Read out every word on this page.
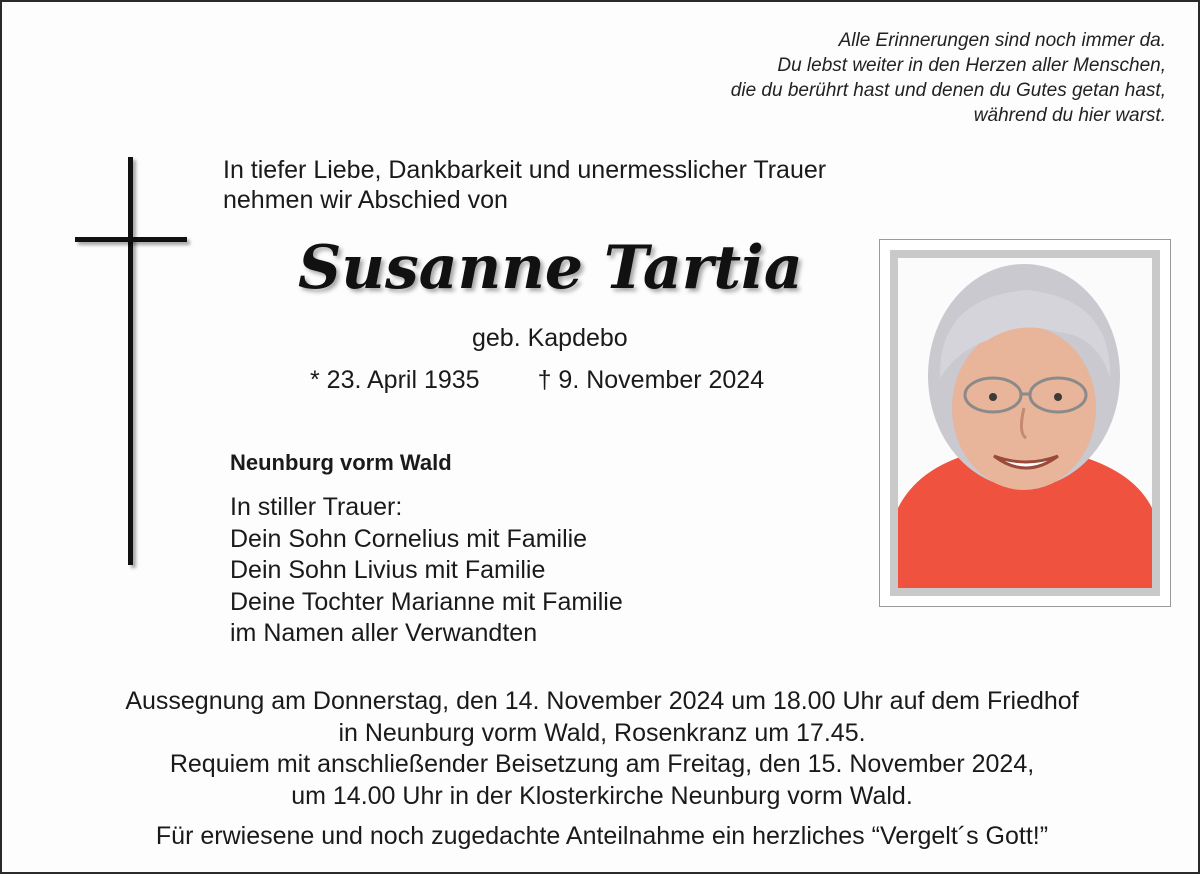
Alle Erinnerungen sind noch immer da.
Du lebst weiter in den Herzen aller Menschen,
die du berührt hast und denen du Gutes getan hast,
während du hier warst.
In tiefer Liebe, Dankbarkeit und unermesslicher Trauer
nehmen wir Abschied von
Susanne Tartia
geb. Kapdebo
* 23. April 1935 † 9. November 2024
Neunburg vorm Wald
In stiller Trauer:
Dein Sohn Cornelius mit Familie
Dein Sohn Livius mit Familie
Deine Tochter Marianne mit Familie
im Namen aller Verwandten
Aussegnung am Donnerstag, den 14. November 2024 um 18.00 Uhr auf dem Friedhof
in Neunburg vorm Wald, Rosenkranz um 17.45.
Requiem mit anschließender Beisetzung am Freitag, den 15. November 2024,
um 14.00 Uhr in der Klosterkirche Neunburg vorm Wald.
Für erwiesene und noch zugedachte Anteilnahme ein herzliches “Vergelt´s Gott!”
